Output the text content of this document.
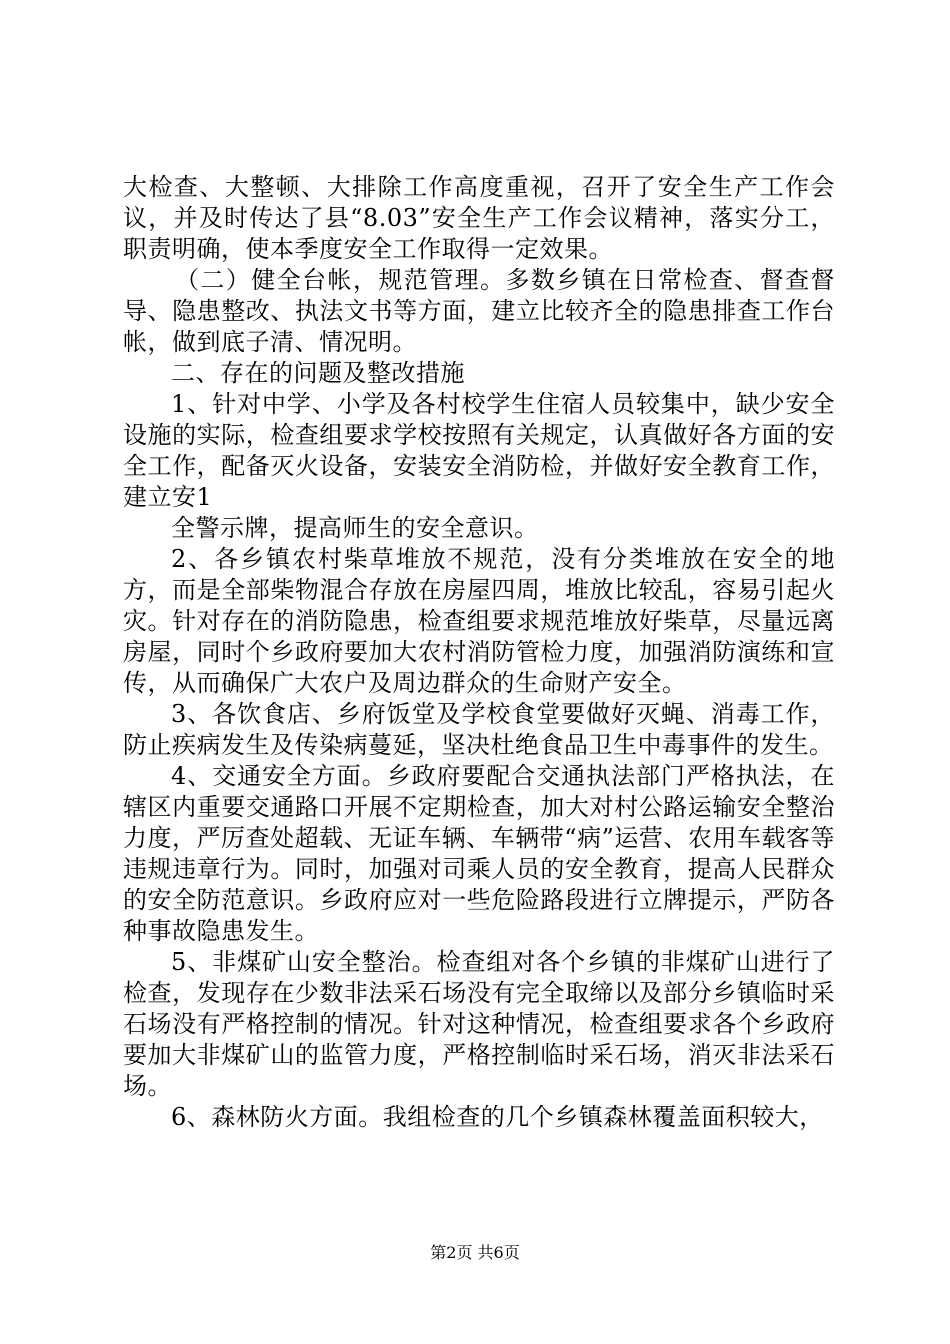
大检查、大整顿、大排除工作高度重视，召开了安全生产工作会议，并及时传达了县“8.03”安全生产工作会议精神，落实分工，职责明确，使本季度安全工作取得一定效果。

（二）健全台帐，规范管理。多数乡镇在日常检查、督查督导、隐患整改、执法文书等方面，建立比较齐全的隐患排查工作台帐，做到底子清、情况明。

二、存在的问题及整改措施

1、针对中学、小学及各村校学生住宿人员较集中，缺少安全设施的实际，检查组要求学校按照有关规定，认真做好各方面的安全工作，配备灭火设备，安装安全消防检，并做好安全教育工作，建立安1

全警示牌，提高师生的安全意识。

2、各乡镇农村柴草堆放不规范，没有分类堆放在安全的地方，而是全部柴物混合存放在房屋四周，堆放比较乱，容易引起火灾。针对存在的消防隐患，检查组要求规范堆放好柴草，尽量远离房屋，同时个乡政府要加大农村消防管检力度，加强消防演练和宣传，从而确保广大农户及周边群众的生命财产安全。

3、各饮食店、乡府饭堂及学校食堂要做好灭蝇、消毒工作，防止疾病发生及传染病蔓延，坚决杜绝食品卫生中毒事件的发生。

4、交通安全方面。乡政府要配合交通执法部门严格执法，在辖区内重要交通路口开展不定期检查，加大对村公路运输安全整治力度，严厉查处超载、无证车辆、车辆带“病”运营、农用车载客等违规违章行为。同时，加强对司乘人员的安全教育，提高人民群众的安全防范意识。乡政府应对一些危险路段进行立牌提示，严防各种事故隐患发生。

5、非煤矿山安全整治。检查组对各个乡镇的非煤矿山进行了检查，发现存在少数非法采石场没有完全取缔以及部分乡镇临时采石场没有严格控制的情况。针对这种情况，检查组要求各个乡政府要加大非煤矿山的监管力度，严格控制临时采石场，消灭非法采石场。

6、森林防火方面。我组检查的几个乡镇森林覆盖面积较大，

第2页 共6页
